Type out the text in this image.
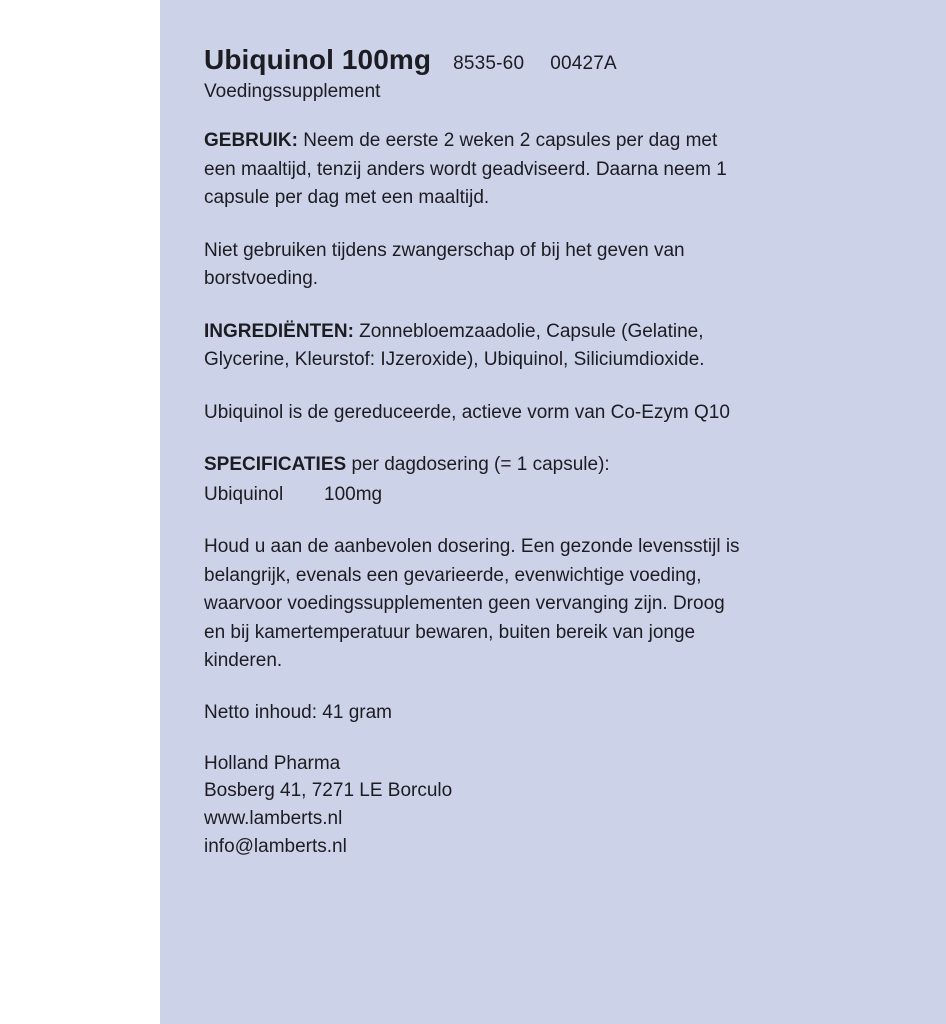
Ubiquinol 100mg 8535-60 00427A
Voedingssupplement
GEBRUIK: Neem de eerste 2 weken 2 capsules per dag met een maaltijd, tenzij anders wordt geadviseerd. Daarna neem 1 capsule per dag met een maaltijd.
Niet gebruiken tijdens zwangerschap of bij het geven van borstvoeding.
INGREDIËNTEN: Zonnebloemzaadolie, Capsule (Gelatine, Glycerine, Kleurstof: IJzeroxide), Ubiquinol, Siliciumdioxide.
Ubiquinol is de gereduceerde, actieve vorm van Co-Ezym Q10
SPECIFICATIES per dagdosering (= 1 capsule):
Ubiquinol	100mg
Houd u aan de aanbevolen dosering. Een gezonde levensstijl is belangrijk, evenals een gevarieerde, evenwichtige voeding, waarvoor voedingssupplementen geen vervanging zijn. Droog en bij kamertemperatuur bewaren, buiten bereik van jonge kinderen.
Netto inhoud: 41 gram
Holland Pharma
Bosberg 41, 7271 LE Borculo
www.lamberts.nl
info@lamberts.nl
